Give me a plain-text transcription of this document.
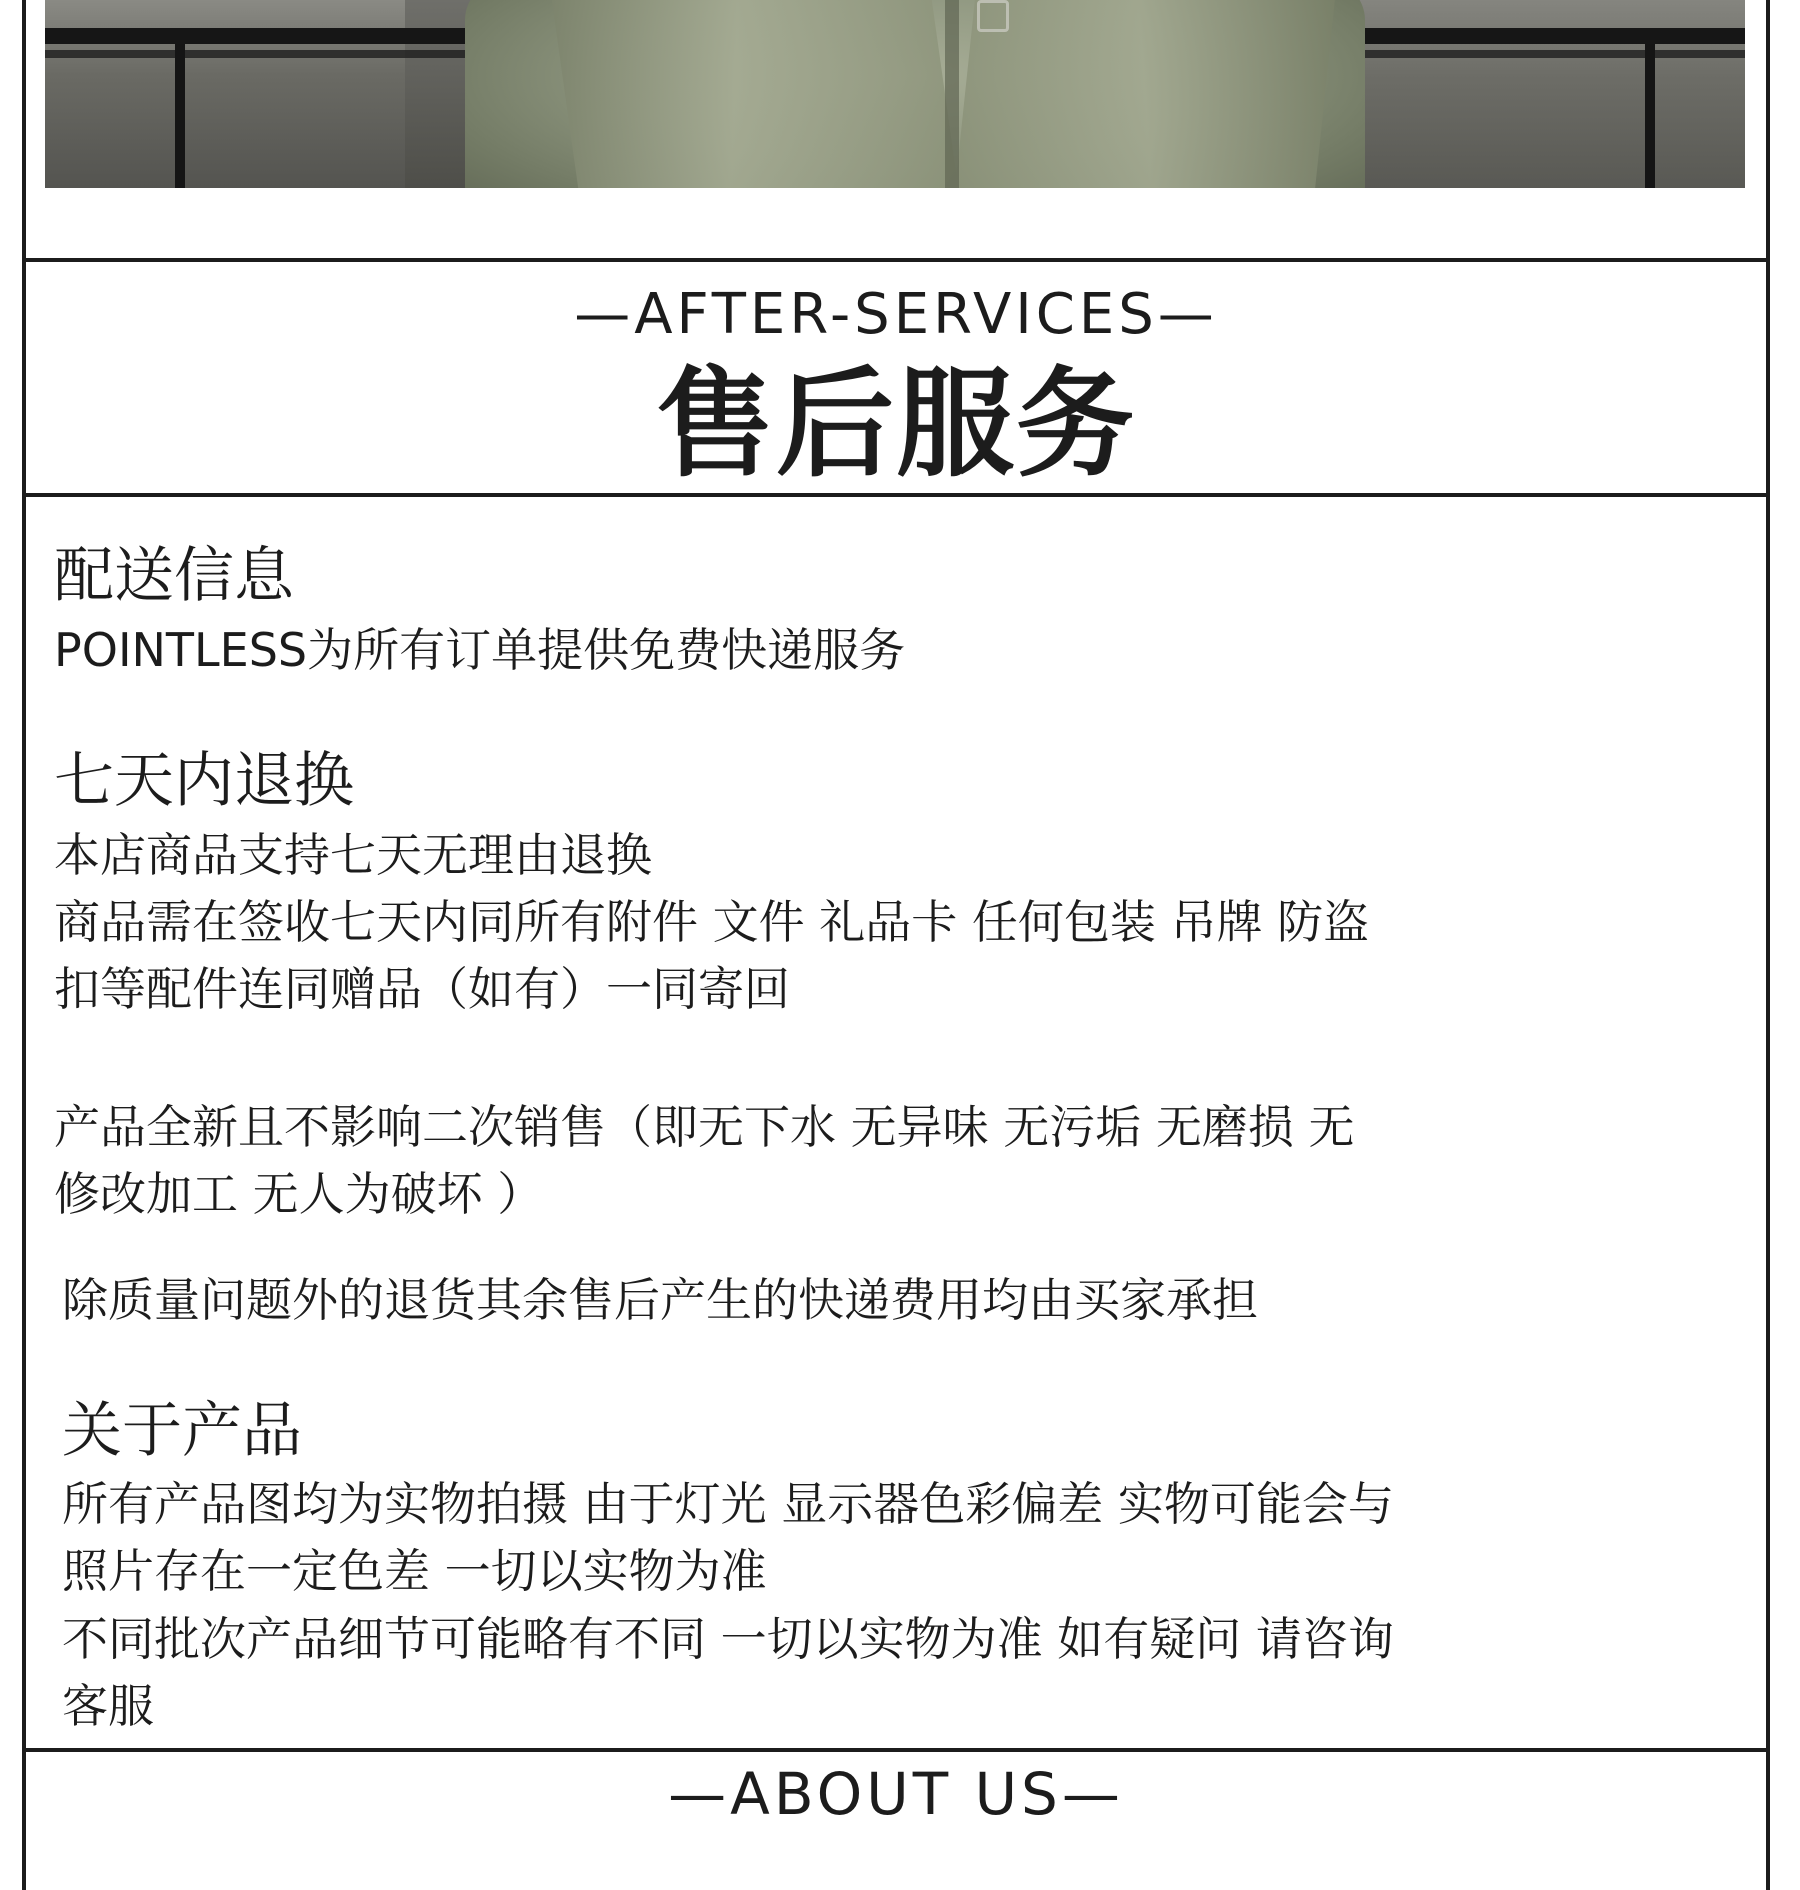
—AFTER-SERVICES—
售后服务
配送信息
POINTLESS为所有订单提供免费快递服务
七天内退换
本店商品支持七天无理由退换
商品需在签收七天内同所有附件 文件 礼品卡 任何包装 吊牌 防盗
扣等配件连同赠品（如有）一同寄回
产品全新且不影响二次销售（即无下水 无异味 无污垢 无磨损 无
修改加工 无人为破坏 ）
除质量问题外的退货其余售后产生的快递费用均由买家承担
关于产品
所有产品图均为实物拍摄 由于灯光 显示器色彩偏差 实物可能会与
照片存在一定色差 一切以实物为准
不同批次产品细节可能略有不同 一切以实物为准 如有疑问 请咨询
客服
—ABOUT US—
